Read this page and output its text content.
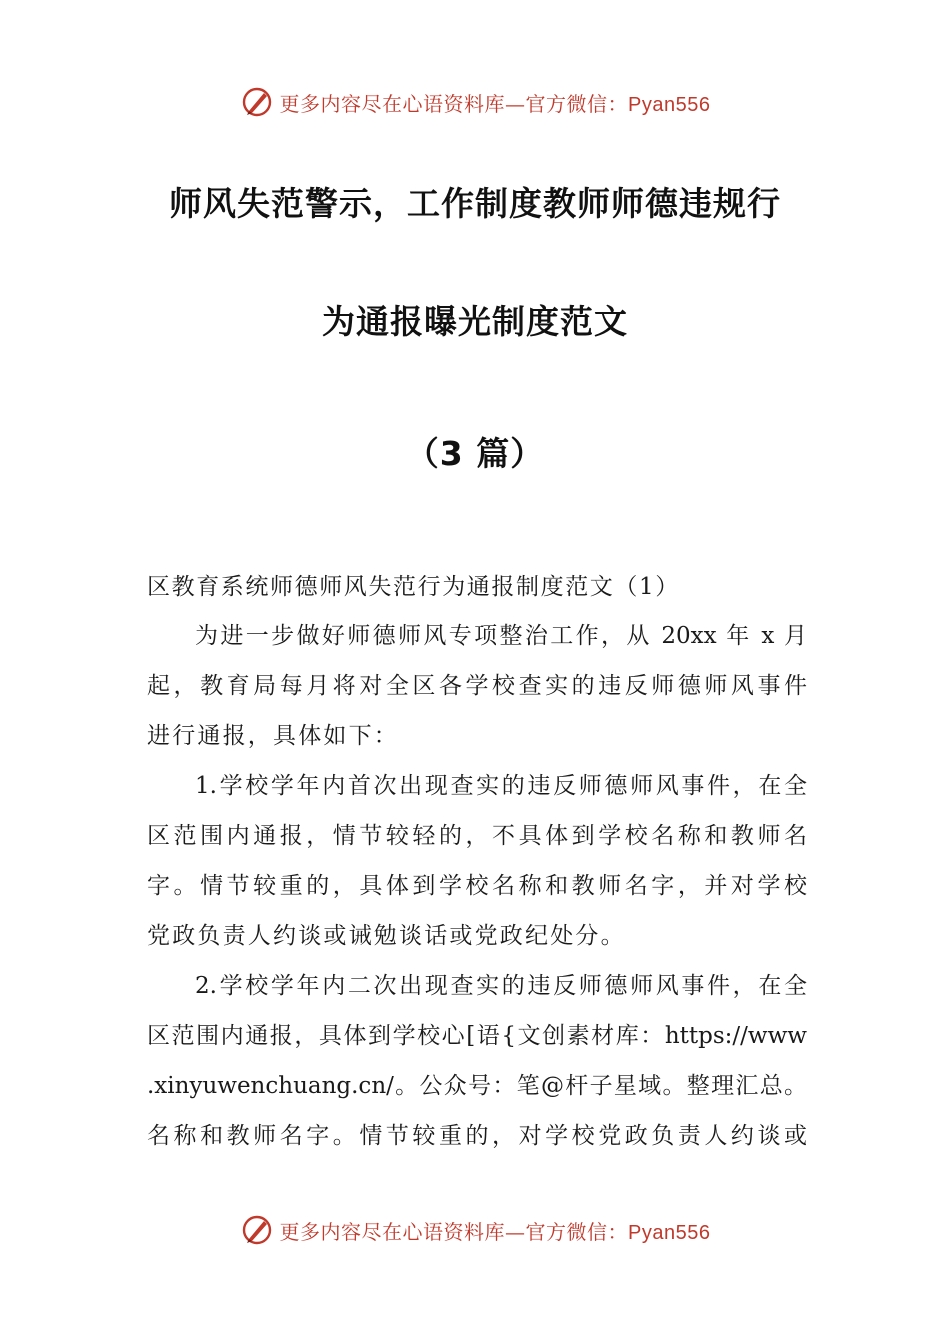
更多内容尽在心语资料库—官方微信：Pyan556
师风失范警示，工作制度教师师德违规行
为通报曝光制度范文
（3 篇）
区教育系统师德师风失范行为通报制度范文（1）
为进一步做好师德师风专项整治工作，从 20xx 年 x 月
起，教育局每月将对全区各学校查实的违反师德师风事件
进行通报，具体如下：
1.学校学年内首次出现查实的违反师德师风事件，在全
区范围内通报，情节较轻的，不具体到学校名称和教师名
字。情节较重的，具体到学校名称和教师名字，并对学校
党政负责人约谈或诫勉谈话或党政纪处分。
2.学校学年内二次出现查实的违反师德师风事件，在全
区范围内通报，具体到学校心[语{文创素材库：https://www
.xinyuwenchuang.cn/。公众号：笔@杆子星域。整理汇总。
名称和教师名字。情节较重的，对学校党政负责人约谈或
更多内容尽在心语资料库—官方微信：Pyan556
